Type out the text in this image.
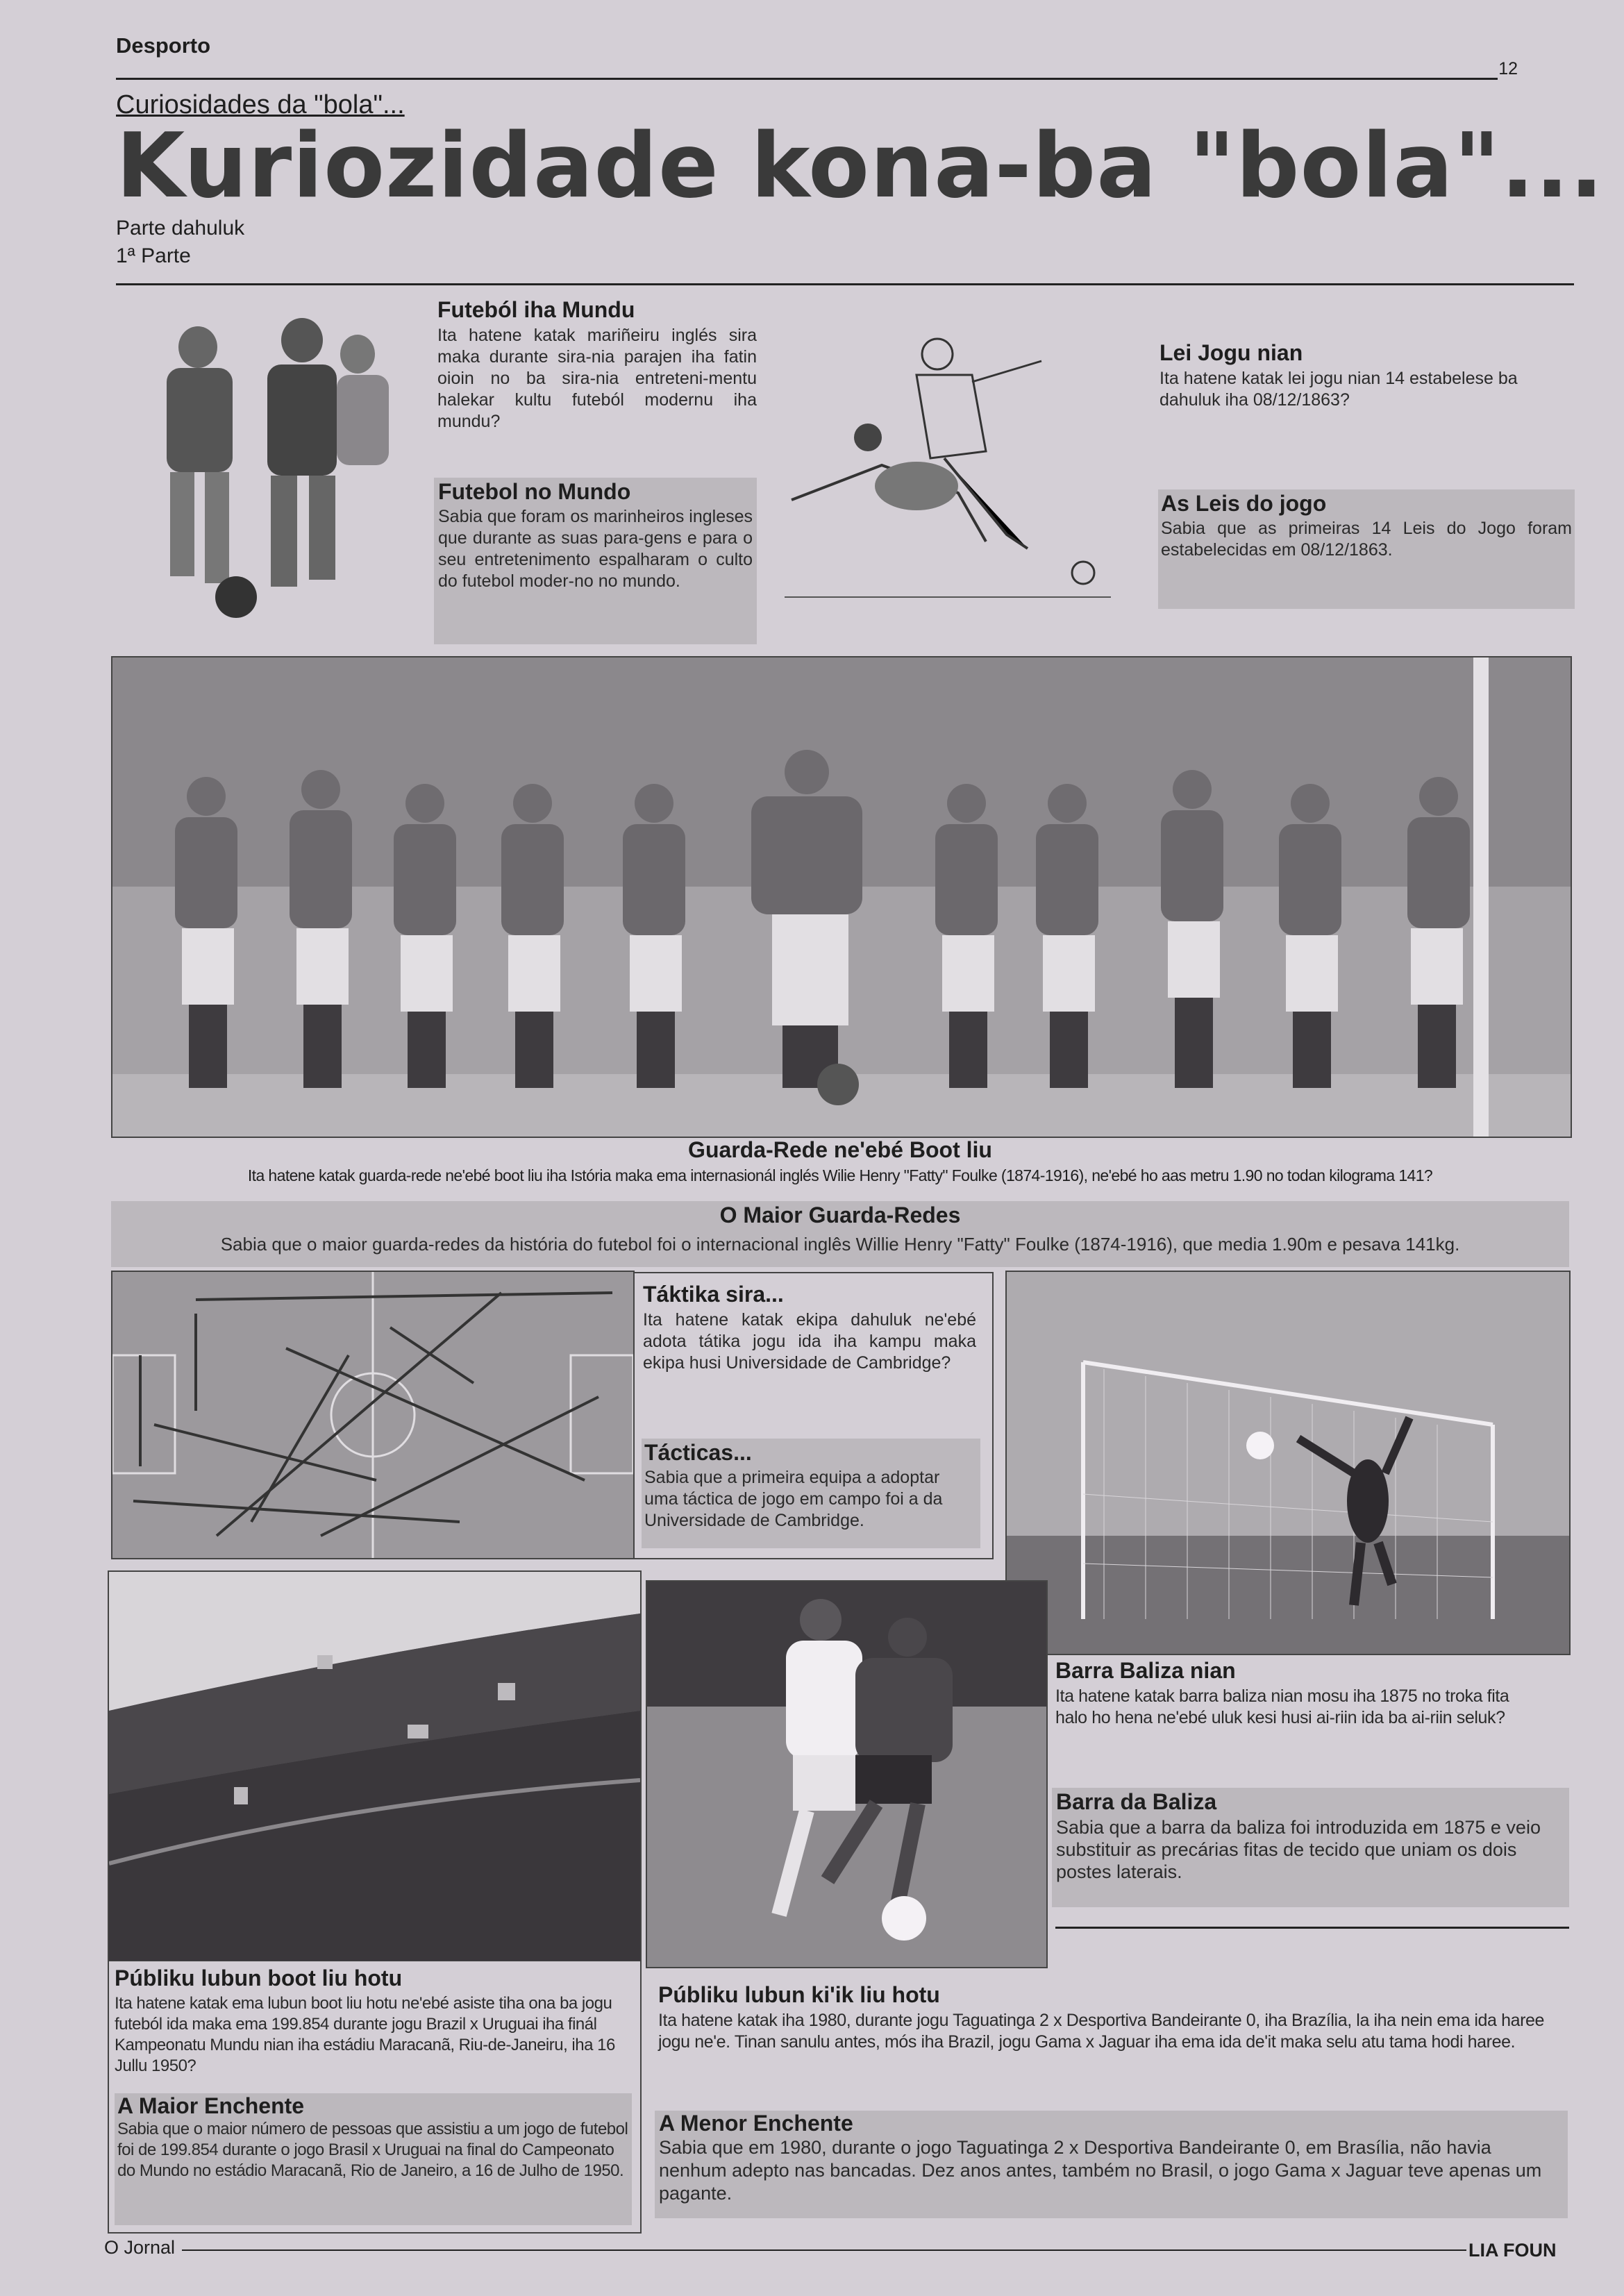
Desporto
12
Curiosidades da "bola"...
Kuriozidade kona-ba "bola"...
Parte dahuluk
1ª Parte
Futeból iha Mundu
Ita hatene katak mariñeiru inglés sira maka durante sira-nia parajen iha fatin oioin no ba sira-nia entreteni-mentu halekar kultu futeból modernu iha mundu?
Futebol no Mundo
Sabia que foram os marinheiros ingleses que durante as suas para-gens e para o seu entretenimento espalharam o culto do futebol moder-no no mundo.
Lei Jogu nian
Ita hatene katak lei jogu nian 14 estabelese ba dahuluk iha 08/12/1863?
As Leis do jogo
Sabia que as primeiras 14 Leis do Jogo foram estabelecidas em 08/12/1863.
Guarda-Rede ne'ebé Boot liu
Ita hatene katak guarda-rede ne'ebé boot liu iha Istória maka ema internasionál inglés Wilie Henry "Fatty" Foulke (1874-1916), ne'ebé ho aas metru 1.90 no todan kilograma 141?
O Maior Guarda-Redes
Sabia que o maior guarda-redes da história do futebol foi o internacional inglês Willie Henry "Fatty" Foulke (1874-1916), que media 1.90m e pesava 141kg.
Táktika sira...
Ita hatene katak ekipa dahuluk ne'ebé adota tátika jogu ida iha kampu maka ekipa husi Universidade de Cambridge?
Tácticas...
Sabia que a primeira equipa a adoptar uma táctica de jogo em campo foi a da Universidade de Cambridge.
Barra Baliza nian
Ita hatene katak barra baliza nian mosu iha 1875 no troka fita halo ho hena ne'ebé uluk kesi husi ai-riin ida ba ai-riin seluk?
Barra da Baliza
Sabia que a barra da baliza foi introduzida em 1875 e veio substituir as precárias fitas de tecido que uniam os dois postes laterais.
Públiku lubun boot liu hotu
Ita hatene katak ema lubun boot liu hotu ne'ebé asiste tiha ona ba jogu futeból ida maka ema 199.854 durante jogu Brazil x Uruguai iha finál Kampeonatu Mundu nian iha estádiu Maracanã, Riu-de-Janeiru, iha 16 Jullu 1950?
A Maior Enchente
Sabia que o maior número de pessoas que assistiu a um jogo de futebol foi de 199.854 durante o jogo Brasil x Uruguai na final do Campeonato do Mundo no estádio Maracanã, Rio de Janeiro, a 16 de Julho de 1950.
Públiku lubun ki'ik liu hotu
Ita hatene katak iha 1980, durante jogu Taguatinga 2 x Desportiva Bandeirante 0, iha Brazília, la iha nein ema ida haree jogu ne'e. Tinan sanulu antes, mós iha Brazil, jogu Gama x Jaguar iha ema ida de'it maka selu atu tama hodi haree.
A Menor Enchente
Sabia que em 1980, durante o jogo Taguatinga 2 x Desportiva Bandeirante 0, em Brasília, não havia nenhum adepto nas bancadas. Dez anos antes, também no Brasil, o jogo Gama x Jaguar teve apenas um pagante.
O Jornal	LIA FOUN
